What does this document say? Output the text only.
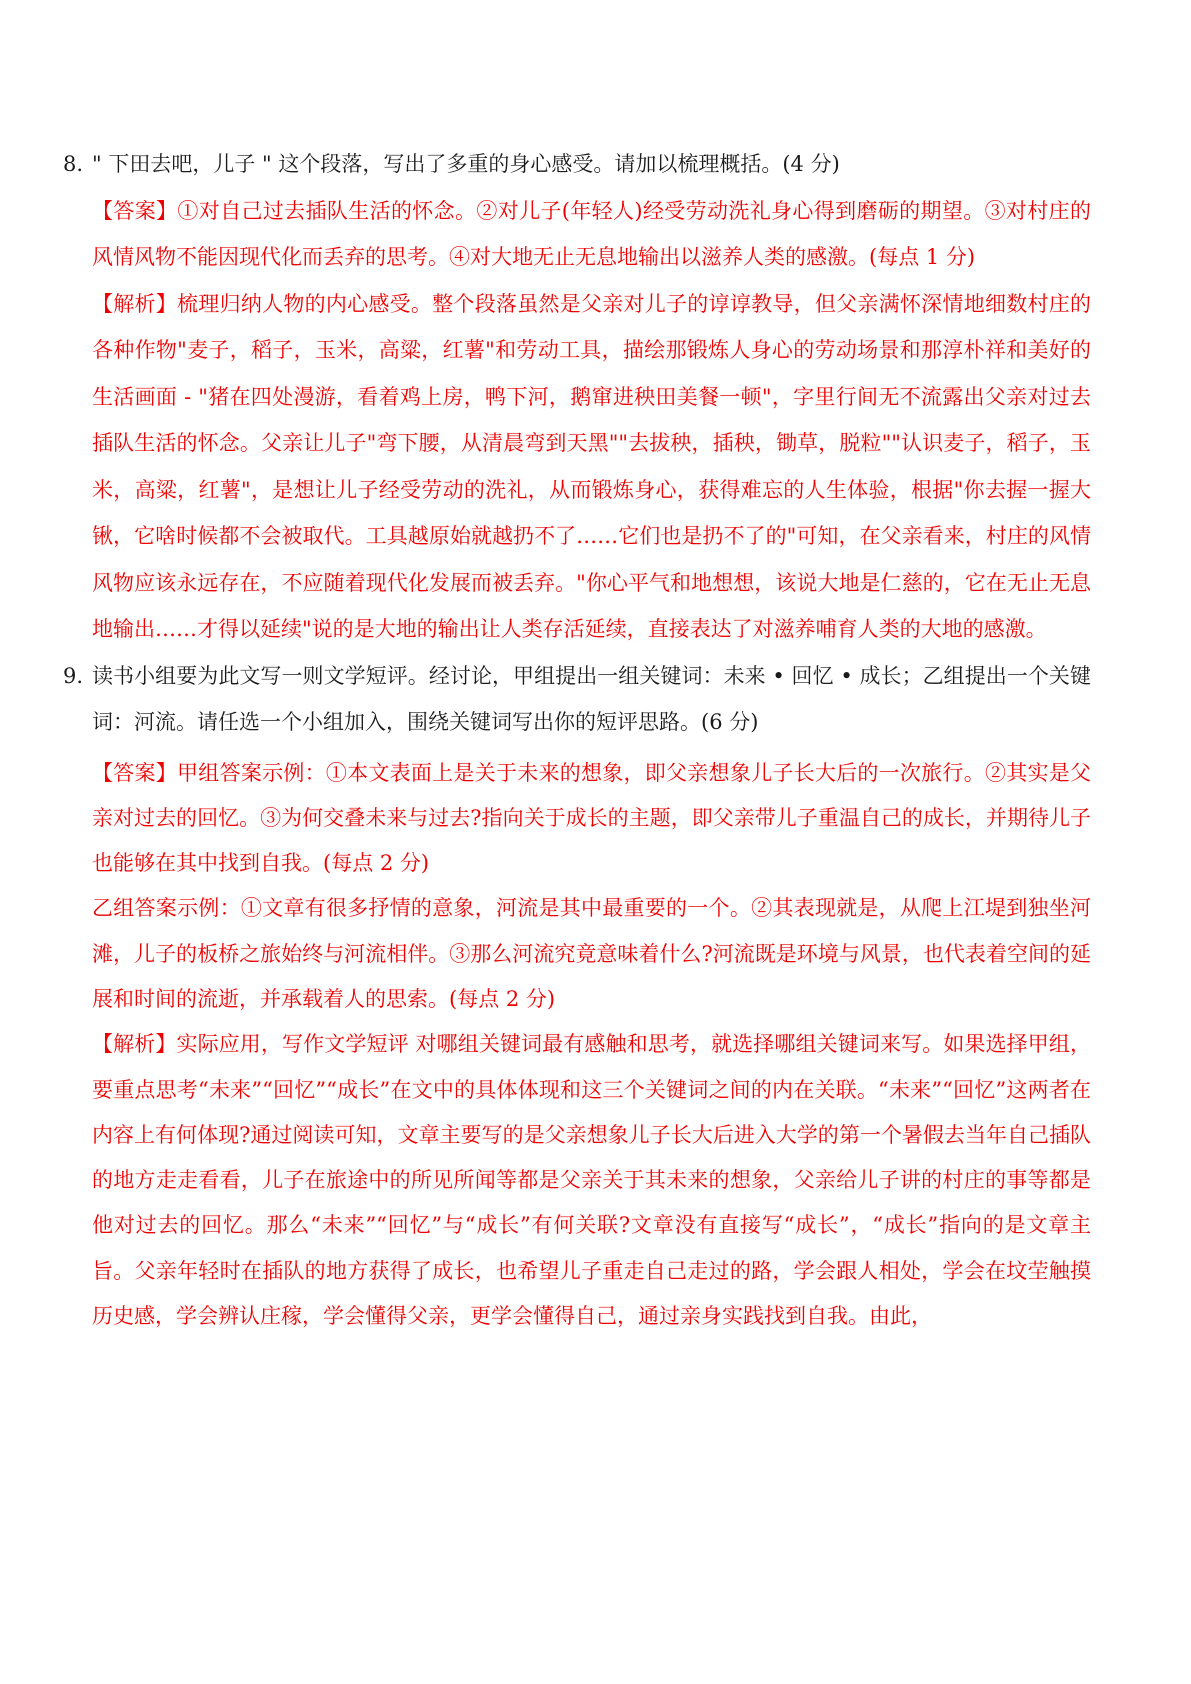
8. " 下田去吧，儿子 " 这个段落，写出了多重的身心感受。请加以梳理概括。(4 分)

【答案】①对自己过去插队生活的怀念。②对儿子(年轻人)经受劳动洗礼身心得到磨砺的期望。③对村庄的风情风物不能因现代化而丢弃的思考。④对大地无止无息地输出以滋养人类的感激。(每点 1 分)

【解析】梳理归纳人物的内心感受。整个段落虽然是父亲对儿子的谆谆教导，但父亲满怀深情地细数村庄的各种作物"麦子，稻子，玉米，高粱，红薯"和劳动工具，描绘那锻炼人身心的劳动场景和那淳朴祥和美好的生活画面 - "猪在四处漫游，看着鸡上房，鸭下河，鹅窜进秧田美餐一顿"，字里行间无不流露出父亲对过去插队生活的怀念。父亲让儿子"弯下腰，从清晨弯到天黑""去拔秧，插秧，锄草，脱粒""认识麦子，稻子，玉米，高粱，红薯"，是想让儿子经受劳动的洗礼，从而锻炼身心，获得难忘的人生体验，根据"你去握一握大锹，它啥时候都不会被取代。工具越原始就越扔不了……它们也是扔不了的"可知，在父亲看来，村庄的风情风物应该永远存在，不应随着现代化发展而被丢弃。"你心平气和地想想，该说大地是仁慈的，它在无止无息地输出……才得以延续"说的是大地的输出让人类存活延续，直接表达了对滋养哺育人类的大地的感激。

9. 读书小组要为此文写一则文学短评。经讨论，甲组提出一组关键词：未来 • 回忆 • 成长；乙组提出一个关键词：河流。请任选一个小组加入，围绕关键词写出你的短评思路。(6 分)

【答案】甲组答案示例：①本文表面上是关于未来的想象，即父亲想象儿子长大后的一次旅行。②其实是父亲对过去的回忆。③为何交叠未来与过去?指向关于成长的主题，即父亲带儿子重温自己的成长，并期待儿子也能够在其中找到自我。(每点 2 分)

乙组答案示例：①文章有很多抒情的意象，河流是其中最重要的一个。②其表现就是，从爬上江堤到独坐河滩，儿子的板桥之旅始终与河流相伴。③那么河流究竟意味着什么?河流既是环境与风景，也代表着空间的延展和时间的流逝，并承载着人的思索。(每点 2 分)

【解析】实际应用，写作文学短评 对哪组关键词最有感触和思考，就选择哪组关键词来写。如果选择甲组，要重点思考“未来”“回忆”“成长”在文中的具体体现和这三个关键词之间的内在关联。“未来”“回忆”这两者在内容上有何体现?通过阅读可知，文章主要写的是父亲想象儿子长大后进入大学的第一个暑假去当年自己插队的地方走走看看，儿子在旅途中的所见所闻等都是父亲关于其未来的想象，父亲给儿子讲的村庄的事等都是他对过去的回忆。那么“未来”“回忆”与“成长”有何关联?文章没有直接写“成长”，“成长”指向的是文章主旨。父亲年轻时在插队的地方获得了成长，也希望儿子重走自己走过的路，学会跟人相处，学会在坟茔触摸历史感，学会辨认庄稼，学会懂得父亲，更学会懂得自己，通过亲身实践找到自我。由此，
